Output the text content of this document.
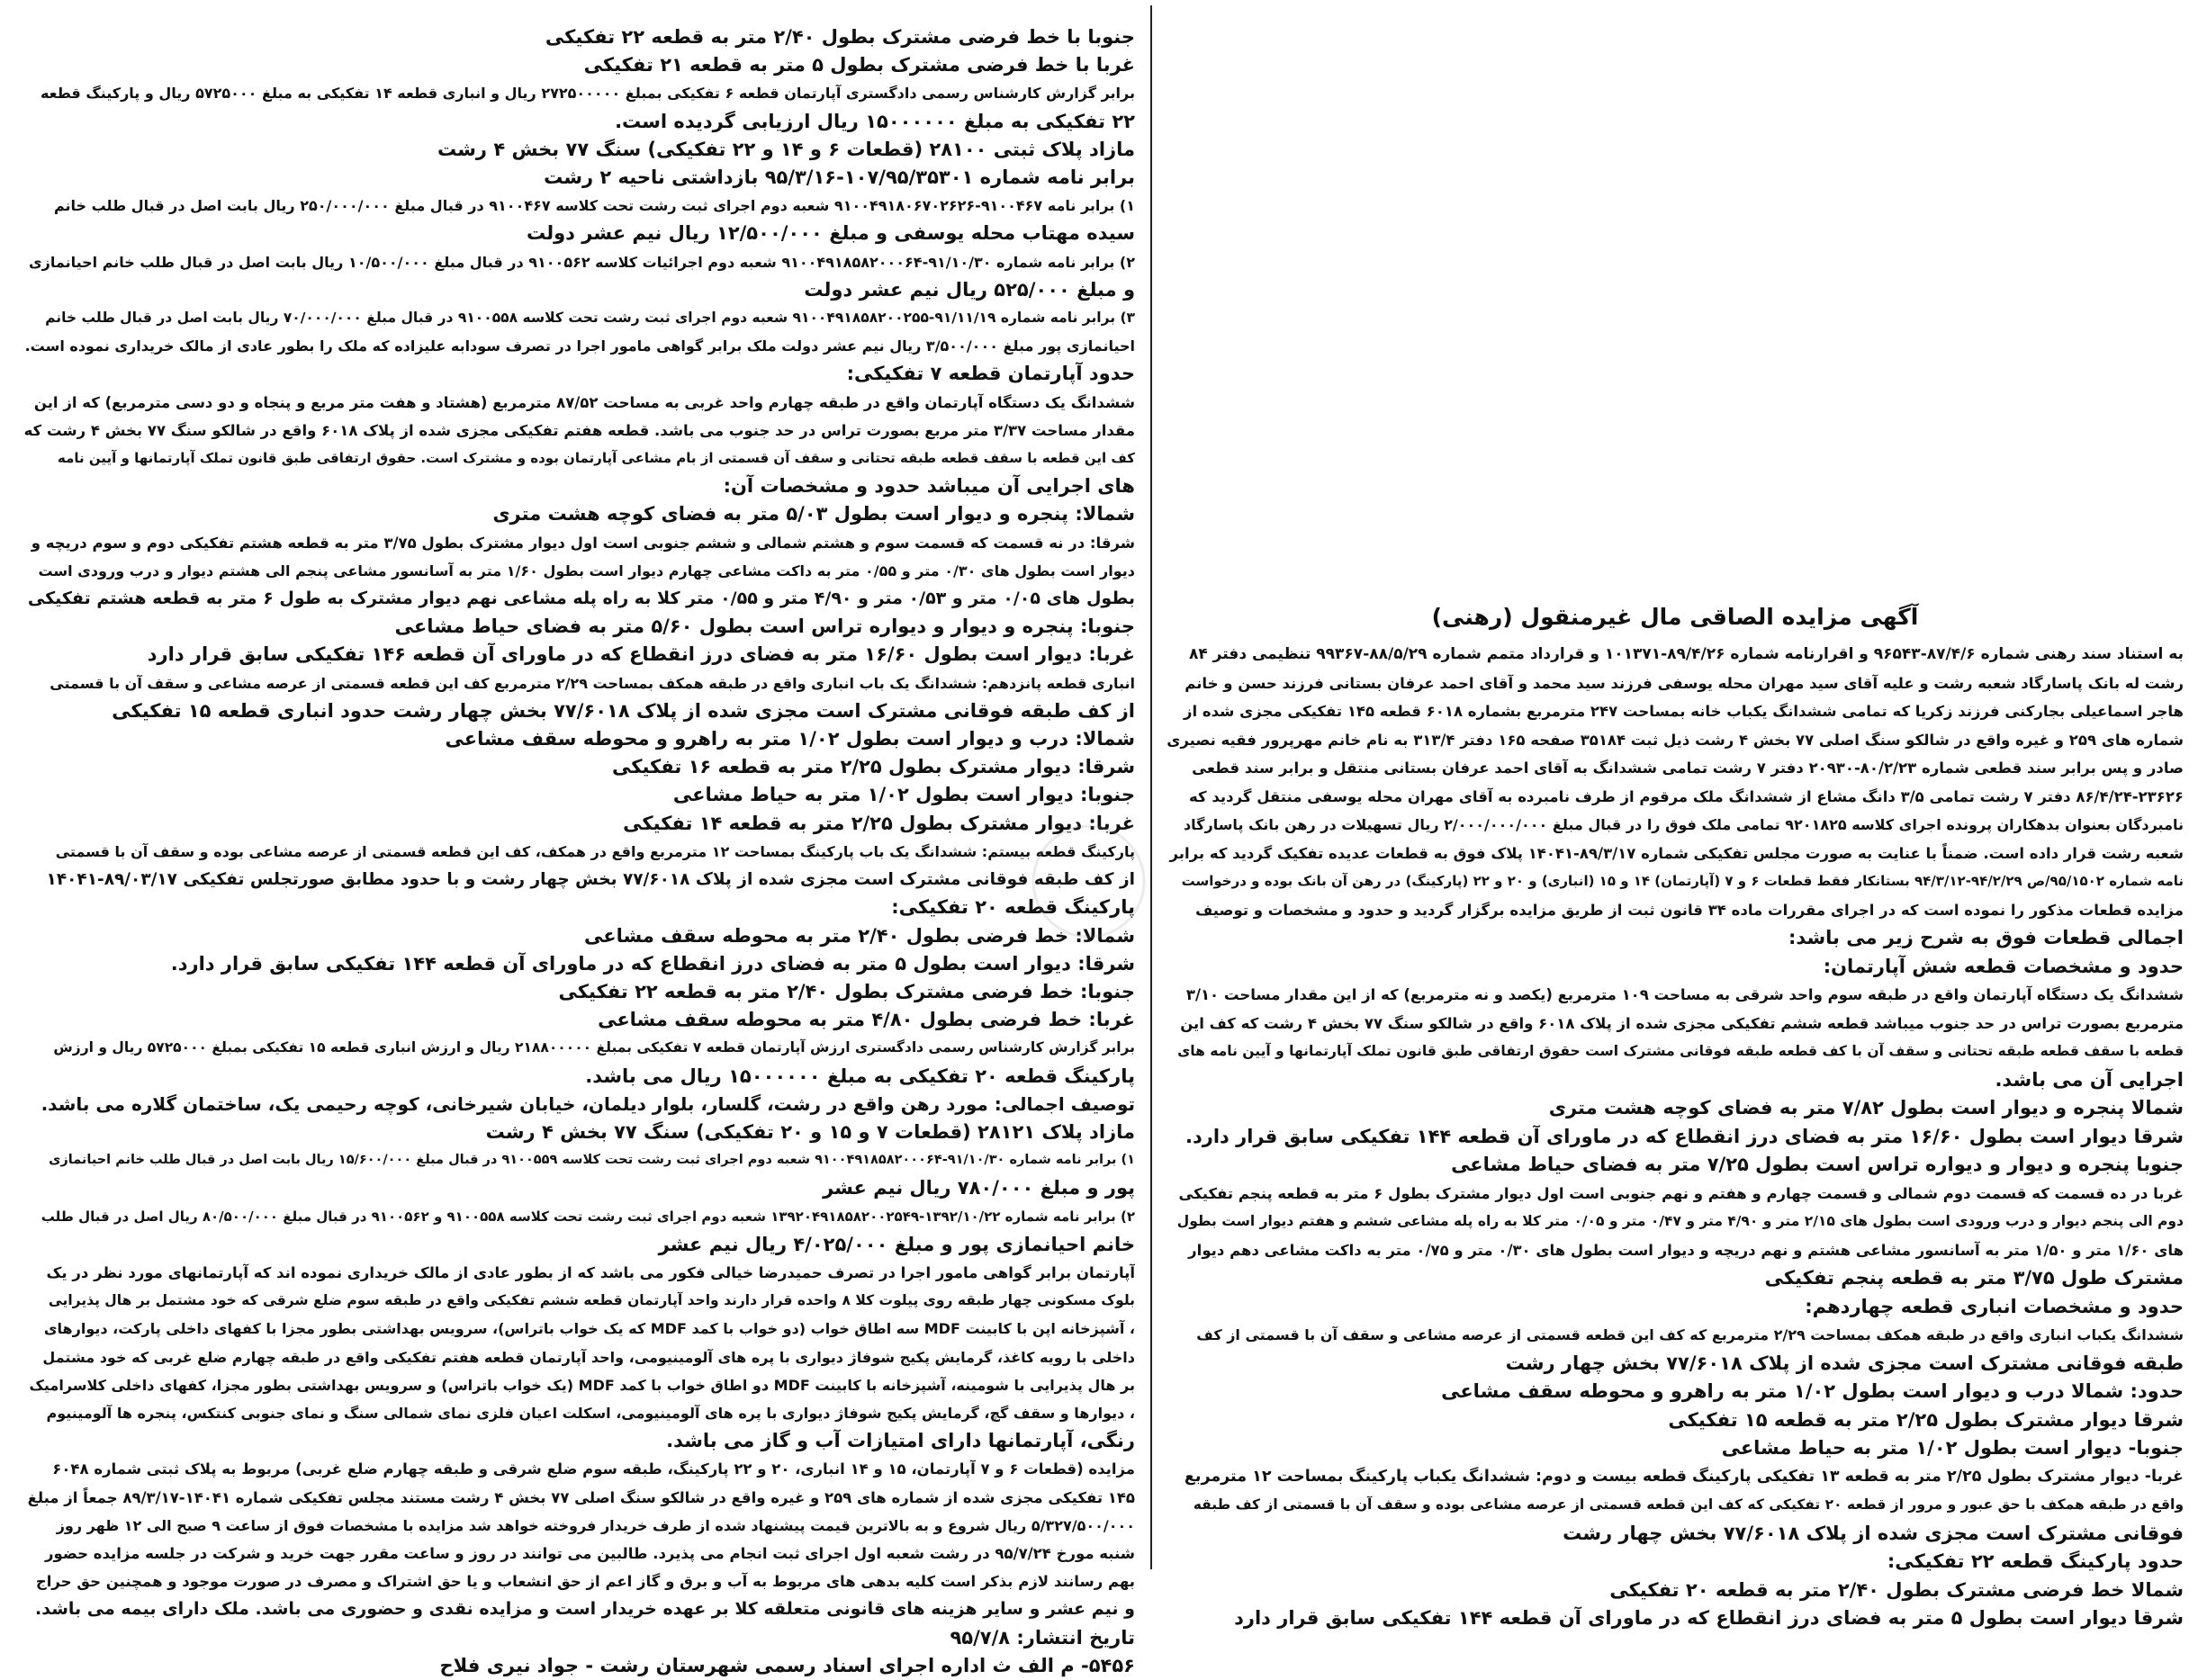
جنوبا با خط فرضی مشترک بطول ۲/۴۰ متر به قطعه ۲۲ تفکیکی
غربا با خط فرضی مشترک بطول ۵ متر به قطعه ۲۱ تفکیکی
برابر گزارش کارشناس رسمی دادگستری آپارتمان قطعه ۶ تفکیکی بمبلغ ۲۷۲۵۰۰۰۰۰ ریال و انباری قطعه ۱۴ تفکیکی به مبلغ ۵۷۲۵۰۰۰ ریال و پارکینگ قطعه
۲۲ تفکیکی به مبلغ ۱۵۰۰۰۰۰۰ ریال ارزیابی گردیده است.
مازاد پلاک ثبتی ۲۸۱۰۰ (قطعات ۶ و ۱۴ و ۲۲ تفکیکی) سنگ ۷۷ بخش ۴ رشت
برابر نامه شماره ۱۰۷/۹۵/۳۵۳۰۱-۹۵/۳/۱۶ بازداشتی ناحیه ۲ رشت
۱) برابر نامه ۹۱۰۰۴۶۷-۹۱۰۰۴۹۱۸۰۶۷۰۲۶۲۶ شعبه دوم اجرای ثبت رشت تحت کلاسه ۹۱۰۰۴۶۷ در قبال مبلغ ۲۵۰/۰۰۰/۰۰۰ ریال بابت اصل در قبال طلب خانم
سیده مهتاب محله یوسفی و مبلغ ۱۲/۵۰۰/۰۰۰ ریال نیم عشر دولت
۲) برابر نامه شماره ۹۱/۱۰/۳۰-۹۱۰۰۴۹۱۸۵۸۲۰۰۰۶۴ شعبه دوم اجرائیات کلاسه ۹۱۰۰۵۶۲ در قبال مبلغ ۱۰/۵۰۰/۰۰۰ ریال بابت اصل در قبال طلب خانم احیانمازی
و مبلغ ۵۲۵/۰۰۰ ریال نیم عشر دولت
۳) برابر نامه شماره ۹۱/۱۱/۱۹-۹۱۰۰۴۹۱۸۵۸۲۰۰۲۵۵ شعبه دوم اجرای ثبت رشت تحت کلاسه ۹۱۰۰۵۵۸ در قبال مبلغ ۷۰/۰۰۰/۰۰۰ ریال بابت اصل در قبال طلب خانم
احیانمازی پور مبلغ ۳/۵۰۰/۰۰۰ ریال نیم عشر دولت ملک برابر گواهی مامور اجرا در تصرف سودابه علیزاده که ملک را بطور عادی از مالک خریداری نموده است.
حدود آپارتمان قطعه ۷ تفکیکی:
ششدانگ یک دستگاه آپارتمان واقع در طبقه چهارم واحد غربی به مساحت ۸۷/۵۲ مترمربع (هشتاد و هفت متر مربع و پنجاه و دو دسی مترمربع) که از این
مقدار مساحت ۳/۳۷ متر مربع بصورت تراس در حد جنوب می باشد. قطعه هفتم تفکیکی مجزی شده از پلاک ۶۰۱۸ واقع در شالکو سنگ ۷۷ بخش ۴ رشت که
کف این قطعه با سقف قطعه طبقه تحتانی و سقف آن قسمتی از بام مشاعی آپارتمان بوده و مشترک است. حقوق ارتفاقی طبق قانون تملک آپارتمانها و آیین نامه
های اجرایی آن میباشد حدود و مشخصات آن:
شمالا: پنجره و دیوار است بطول ۵/۰۳ متر به فضای کوچه هشت متری
شرقا: در نه قسمت که قسمت سوم و هشتم شمالی و ششم جنوبی است اول دیوار مشترک بطول ۳/۷۵ متر به قطعه هشتم تفکیکی دوم و سوم دریچه و
دیوار است بطول های ۰/۳۰ متر و ۰/۵۵ متر به داکت مشاعی چهارم دیوار است بطول ۱/۶۰ متر به آسانسور مشاعی پنجم الی هشتم دیوار و درب ورودی است
بطول های ۰/۰۵ متر و ۰/۵۳ متر و ۴/۹۰ متر و ۰/۵۵ متر کلا به راه پله مشاعی نهم دیوار مشترک به طول ۶ متر به قطعه هشتم تفکیکی
جنوبا: پنجره و دیوار و دیواره تراس است بطول ۵/۶۰ متر به فضای حیاط مشاعی
غربا: دیوار است بطول ۱۶/۶۰ متر به فضای درز انقطاع که در ماورای آن قطعه ۱۴۶ تفکیکی سابق قرار دارد
انباری قطعه پانزدهم: ششدانگ یک باب انباری واقع در طبقه همکف بمساحت ۲/۲۹ مترمربع کف این قطعه قسمتی از عرصه مشاعی و سقف آن با قسمتی
از کف طبقه فوقانی مشترک است مجزی شده از پلاک ۷۷/۶۰۱۸ بخش چهار رشت حدود انباری قطعه ۱۵ تفکیکی
شمالا: درب و دیوار است بطول ۱/۰۲ متر به راهرو و محوطه سقف مشاعی
شرقا: دیوار مشترک بطول ۲/۲۵ متر به قطعه ۱۶ تفکیکی
جنوبا: دیوار است بطول ۱/۰۲ متر به حیاط مشاعی
غربا: دیوار مشترک بطول ۲/۲۵ متر به قطعه ۱۴ تفکیکی
پارکینگ قطعه بیستم: ششدانگ یک باب پارکینگ بمساحت ۱۲ مترمربع واقع در همکف، کف این قطعه قسمتی از عرصه مشاعی بوده و سقف آن با قسمتی
از کف طبقه فوقانی مشترک است مجزی شده از پلاک ۷۷/۶۰۱۸ بخش چهار رشت و با حدود مطابق صورتجلس تفکیکی ۸۹/۰۳/۱۷-۱۴۰۴۱
پارکینگ قطعه ۲۰ تفکیکی:
شمالا: خط فرضی بطول ۲/۴۰ متر به محوطه سقف مشاعی
شرقا: دیوار است بطول ۵ متر به فضای درز انقطاع که در ماورای آن قطعه ۱۴۴ تفکیکی سابق قرار دارد.
جنوبا: خط فرضی مشترک بطول ۲/۴۰ متر به قطعه ۲۲ تفکیکی
غربا: خط فرضی بطول ۴/۸۰ متر به محوطه سقف مشاعی
برابر گزارش کارشناس رسمی دادگستری ارزش آپارتمان قطعه ۷ تفکیکی بمبلغ ۲۱۸۸۰۰۰۰۰ ریال و ارزش انباری قطعه ۱۵ تفکیکی بمبلغ ۵۷۲۵۰۰۰ ریال و ارزش
پارکینگ قطعه ۲۰ تفکیکی به مبلغ ۱۵۰۰۰۰۰۰ ریال می باشد.
توصیف اجمالی: مورد رهن واقع در رشت، گلسار، بلوار دیلمان، خیابان شیرخانی، کوچه رحیمی یک، ساختمان گلاره می باشد.
مازاد پلاک ۲۸۱۲۱ (قطعات ۷ و ۱۵ و ۲۰ تفکیکی) سنگ ۷۷ بخش ۴ رشت
۱) برابر نامه شماره ۹۱/۱۰/۳۰-۹۱۰۰۴۹۱۸۵۸۲۰۰۰۶۴ شعبه دوم اجرای ثبت رشت تحت کلاسه ۹۱۰۰۵۵۹ در قبال مبلغ ۱۵/۶۰۰/۰۰۰ ریال بابت اصل در قبال طلب خانم احیانمازی
پور و مبلغ ۷۸۰/۰۰۰ ریال نیم عشر
۲) برابر نامه شماره ۱۳۹۲/۱۰/۲۲-۱۳۹۲۰۴۹۱۸۵۸۲۰۰۲۵۴۹ شعبه دوم اجرای ثبت رشت تحت کلاسه ۹۱۰۰۵۵۸ و ۹۱۰۰۵۶۲ در قبال مبلغ ۸۰/۵۰۰/۰۰۰ ریال اصل در قبال طلب
خانم احیانمازی پور و مبلغ ۴/۰۲۵/۰۰۰ ریال نیم عشر
آپارتمان برابر گواهی مامور اجرا در تصرف حمیدرضا خیالی فکور می باشد که از بطور عادی از مالک خریداری نموده اند که آپارتمانهای مورد نظر در یک
بلوک مسکونی چهار طبقه روی پیلوت کلا ۸ واحده قرار دارند واحد آپارتمان قطعه ششم تفکیکی واقع در طبقه سوم ضلع شرقی که خود مشتمل بر هال پذیرایی
، آشپزخانه اپن با کابینت MDF سه اطاق خواب (دو خواب با کمد MDF که یک خواب باتراس)، سرویس بهداشتی بطور مجزا با کفهای داخلی پارکت، دیوارهای
داخلی با رویه کاغذ، گرمایش پکیج شوفاژ دیواری با پره های آلومینیومی، واحد آپارتمان قطعه هفتم تفکیکی واقع در طبقه چهارم ضلع غربی که خود مشتمل
بر هال پذیرایی با شومینه، آشپزخانه با کابینت MDF دو اطاق خواب با کمد MDF (یک خواب باتراس) و سرویس بهداشتی بطور مجزا، کفهای داخلی کلاسرامیک
، دیوارها و سقف گچ، گرمایش پکیج شوفاژ دیواری با پره های آلومینیومی، اسکلت اعیان فلزی نمای شمالی سنگ و نمای جنوبی کنتکس، پنجره ها آلومینیوم
رنگی، آپارتمانها دارای امتیازات آب و گاز می باشد.
مزایده (قطعات ۶ و ۷ آپارتمان، ۱۵ و ۱۴ انباری، ۲۰ و ۲۲ پارکینگ، طبقه سوم ضلع شرقی و طبقه چهارم ضلع غربی) مربوط به پلاک ثبتی شماره ۶۰۴۸
۱۴۵ تفکیکی مجزی شده از شماره های ۲۵۹ و غیره واقع در شالکو سنگ اصلی ۷۷ بخش ۴ رشت مستند مجلس تفکیکی شماره ۱۴۰۴۱-۸۹/۳/۱۷ جمعاً از مبلغ
۵/۳۲۷/۵۰۰/۰۰۰ ریال شروع و به بالاترین قیمت پیشنهاد شده از طرف خریدار فروخته خواهد شد مزایده با مشخصات فوق از ساعت ۹ صبح الی ۱۲ ظهر روز
شنبه مورخ ۹۵/۷/۲۴ در رشت شعبه اول اجرای ثبت انجام می پذیرد. طالبین می توانند در روز و ساعت مقرر جهت خرید و شرکت در جلسه مزایده حضور
بهم رسانند لازم بذکر است کلیه بدهی های مربوط به آب و برق و گاز اعم از حق انشعاب و یا حق اشتراک و مصرف در صورت موجود و همچنین حق حراج
و نیم عشر و سایر هزینه های قانونی متعلقه کلا بر عهده خریدار است و مزایده نقدی و حضوری می باشد. ملک دارای بیمه می باشد.
تاریخ انتشار: ۹۵/۷/۸
۵۴۵۶- م الف ث اداره اجرای اسناد رسمی شهرستان رشت - جواد نیری فلاح
آگهی مزایده الصاقی مال غیرمنقول (رهنی)
به استناد سند رهنی شماره ۸۷/۴/۶-۹۶۵۴۳ و اقرارنامه شماره ۸۹/۴/۲۶-۱۰۱۳۷۱ و قرارداد متمم شماره ۸۸/۵/۲۹-۹۹۳۶۷ تنظیمی دفتر ۸۴
رشت له بانک پاسارگاد شعبه رشت و علیه آقای سید مهران محله یوسفی فرزند سید محمد و آقای احمد عرفان بستانی فرزند حسن و خانم
هاجر اسماعیلی بجارکنی فرزند زکریا که تمامی ششدانگ یکباب خانه بمساحت ۲۴۷ مترمربع بشماره ۶۰۱۸ قطعه ۱۴۵ تفکیکی مجزی شده از
شماره های ۲۵۹ و غیره واقع در شالکو سنگ اصلی ۷۷ بخش ۴ رشت ذیل ثبت ۳۵۱۸۴ صفحه ۱۶۵ دفتر ۳۱۳/۴ به نام خانم مهرپرور فقیه نصیری
صادر و پس برابر سند قطعی شماره ۸۰/۲/۲۳-۲۰۹۳۰ دفتر ۷ رشت تمامی ششدانگ به آقای احمد عرفان بستانی منتقل و برابر سند قطعی
۸۶/۴/۲۴-۲۳۶۲۶ دفتر ۷ رشت تمامی ۳/۵ دانگ مشاع از ششدانگ ملک مرقوم از طرف نامبرده به آقای مهران محله یوسفی منتقل گردید که
نامبردگان بعنوان بدهکاران پرونده اجرای کلاسه ۹۲۰۱۸۲۵ تمامی ملک فوق را در قبال مبلغ ۲/۰۰۰/۰۰۰/۰۰۰ ریال تسهیلات در رهن بانک پاسارگاد
شعبه رشت قرار داده است. ضمناً با عنایت به صورت مجلس تفکیکی شماره ۸۹/۳/۱۷-۱۴۰۴۱ پلاک فوق به قطعات عدیده تفکیک گردید که برابر
نامه شماره ۹۵/۱۵۰۲/ص ۹۴/۲/۲۹-۹۴/۳/۱۲ بستانکار فقط قطعات ۶ و ۷ (آپارتمان) ۱۴ و ۱۵ (انباری) و ۲۰ و ۲۲ (پارکینگ) در رهن آن بانک بوده و درخواست
مزایده قطعات مذکور را نموده است که در اجرای مقررات ماده ۳۴ قانون ثبت از طریق مزایده برگزار گردید و حدود و مشخصات و توصیف
اجمالی قطعات فوق به شرح زیر می باشد:
حدود و مشخصات قطعه شش آپارتمان:
ششدانگ یک دستگاه آپارتمان واقع در طبقه سوم واحد شرقی به مساحت ۱۰۹ مترمربع (یکصد و نه مترمربع) که از این مقدار مساحت ۳/۱۰
مترمربع بصورت تراس در حد جنوب میباشد قطعه ششم تفکیکی مجزی شده از پلاک ۶۰۱۸ واقع در شالکو سنگ ۷۷ بخش ۴ رشت که کف این
قطعه با سقف قطعه طبقه تحتانی و سقف آن با کف قطعه طبقه فوقانی مشترک است حقوق ارتفاقی طبق قانون تملک آپارتمانها و آیین نامه های
اجرایی آن می باشد.
شمالا پنجره و دیوار است بطول ۷/۸۲ متر به فضای کوچه هشت متری
شرقا دیوار است بطول ۱۶/۶۰ متر به فضای درز انقطاع که در ماورای آن قطعه ۱۴۴ تفکیکی سابق قرار دارد.
جنوبا پنجره و دیوار و دیواره تراس است بطول ۷/۲۵ متر به فضای حیاط مشاعی
غربا در ده قسمت که قسمت دوم شمالی و قسمت چهارم و هفتم و نهم جنوبی است اول دیوار مشترک بطول ۶ متر به قطعه پنجم تفکیکی
دوم الی پنجم دیوار و درب ورودی است بطول های ۲/۱۵ متر و ۴/۹۰ متر و ۰/۴۷ متر و ۰/۰۵ متر کلا به راه پله مشاعی ششم و هفتم دیوار است بطول
های ۱/۶۰ متر و ۱/۵۰ متر به آسانسور مشاعی هشتم و نهم دریچه و دیوار است بطول های ۰/۳۰ متر و ۰/۷۵ متر به داکت مشاعی دهم دیوار
مشترک طول ۳/۷۵ متر به قطعه پنجم تفکیکی
حدود و مشخصات انباری قطعه چهاردهم:
ششدانگ یکباب انباری واقع در طبقه همکف بمساحت ۲/۲۹ مترمربع که کف این قطعه قسمتی از عرصه مشاعی و سقف آن با قسمتی از کف
طبقه فوقانی مشترک است مجزی شده از پلاک ۷۷/۶۰۱۸ بخش چهار رشت
حدود: شمالا درب و دیوار است بطول ۱/۰۲ متر به راهرو و محوطه سقف مشاعی
شرقا دیوار مشترک بطول ۲/۲۵ متر به قطعه ۱۵ تفکیکی
جنوبا- دیوار است بطول ۱/۰۲ متر به حیاط مشاعی
غربا- دیوار مشترک بطول ۲/۲۵ متر به قطعه ۱۳ تفکیکی پارکینگ قطعه بیست و دوم: ششدانگ یکباب پارکینگ بمساحت ۱۲ مترمربع
واقع در طبقه همکف با حق عبور و مرور از قطعه ۲۰ تفکیکی که کف این قطعه قسمتی از عرصه مشاعی بوده و سقف آن با قسمتی از کف طبقه
فوقانی مشترک است مجزی شده از پلاک ۷۷/۶۰۱۸ بخش چهار رشت
حدود پارکینگ قطعه ۲۲ تفکیکی:
شمالا خط فرضی مشترک بطول ۲/۴۰ متر به قطعه ۲۰ تفکیکی
شرقا دیوار است بطول ۵ متر به فضای درز انقطاع که در ماورای آن قطعه ۱۴۴ تفکیکی سابق قرار دارد
